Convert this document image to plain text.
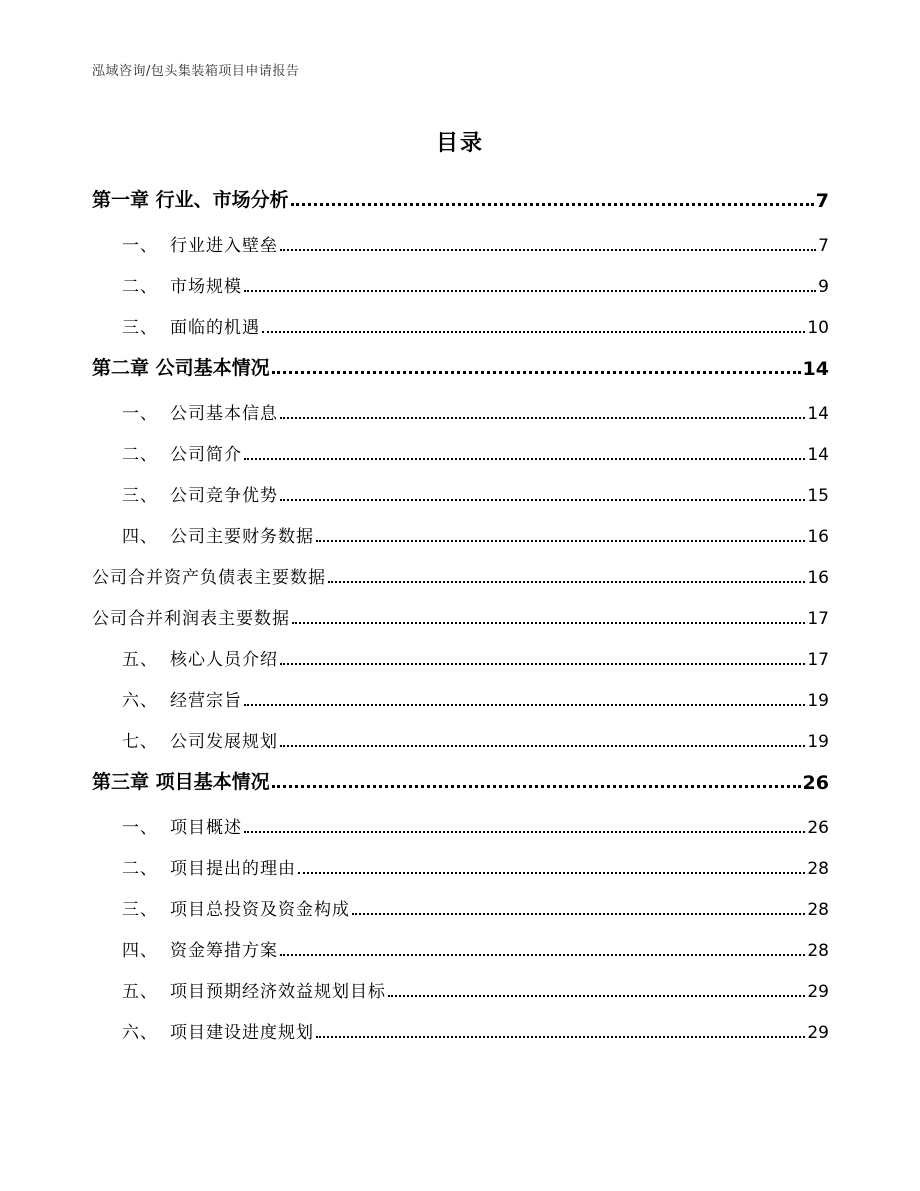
泓域咨询/包头集装箱项目申请报告
目录
第一章 行业、市场分析	7
一、 行业进入壁垒	7
二、 市场规模	9
三、 面临的机遇	10
第二章 公司基本情况	14
一、 公司基本信息	14
二、 公司简介	14
三、 公司竞争优势	15
四、 公司主要财务数据	16
公司合并资产负债表主要数据	16
公司合并利润表主要数据	17
五、 核心人员介绍	17
六、 经营宗旨	19
七、 公司发展规划	19
第三章 项目基本情况	26
一、 项目概述	26
二、 项目提出的理由	28
三、 项目总投资及资金构成	28
四、 资金筹措方案	28
五、 项目预期经济效益规划目标	29
六、 项目建设进度规划	29
